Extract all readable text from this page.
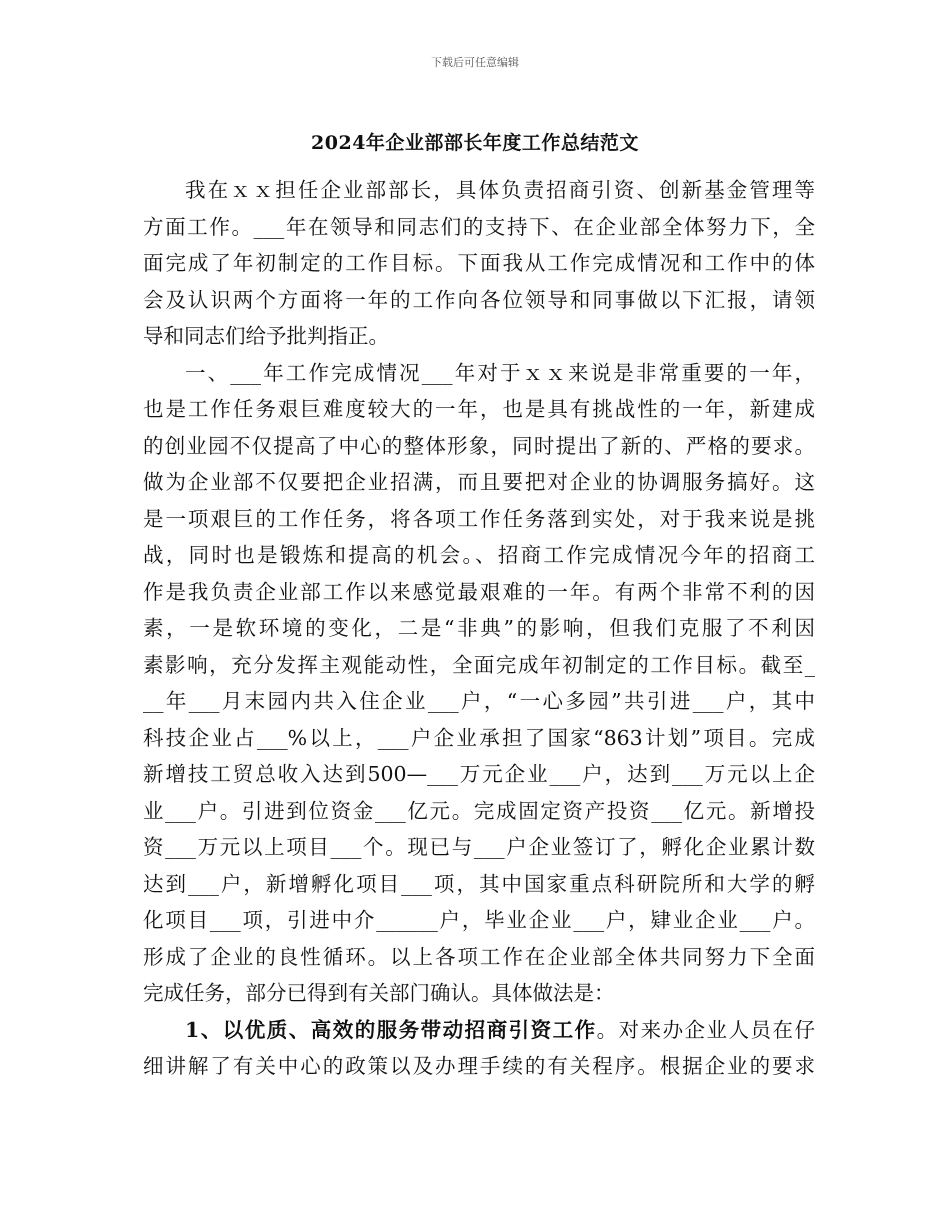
下载后可任意编辑
2024年企业部部长年度工作总结范文
我在ｘｘ担任企业部部长，具体负责招商引资、创新基金管理等
方面工作。___年在领导和同志们的支持下、在企业部全体努力下，全
面完成了年初制定的工作目标。下面我从工作完成情况和工作中的体
会及认识两个方面将一年的工作向各位领导和同事做以下汇报，请领
导和同志们给予批判指正。
一、___年工作完成情况___年对于ｘｘ来说是非常重要的一年，
也是工作任务艰巨难度较大的一年，也是具有挑战性的一年，新建成
的创业园不仅提高了中心的整体形象，同时提出了新的、严格的要求。
做为企业部不仅要把企业招满，而且要把对企业的协调服务搞好。这
是一项艰巨的工作任务，将各项工作任务落到实处，对于我来说是挑
战，同时也是锻炼和提高的机会。、招商工作完成情况今年的招商工
作是我负责企业部工作以来感觉最艰难的一年。有两个非常不利的因
素，一是软环境的变化，二是“非典”的影响，但我们克服了不利因
素影响，充分发挥主观能动性，全面完成年初制定的工作目标。截至_
__年___月末园内共入住企业___户，“一心多园”共引进___户，其中
科技企业占___%以上，___户企业承担了国家“863计划”项目。完成
新增技工贸总收入达到500—___万元企业___户，达到___万元以上企
业___户。引进到位资金___亿元。完成固定资产投资___亿元。新增投
资___万元以上项目___个。现已与___户企业签订了，孵化企业累计数
达到___户，新增孵化项目___项，其中国家重点科研院所和大学的孵
化项目___项，引进中介______户，毕业企业___户，肄业企业___户。
形成了企业的良性循环。以上各项工作在企业部全体共同努力下全面
完成任务，部分已得到有关部门确认。具体做法是：
1、以优质、高效的服务带动招商引资工作。对来办企业人员在仔
细讲解了有关中心的政策以及办理手续的有关程序。根据企业的要求
